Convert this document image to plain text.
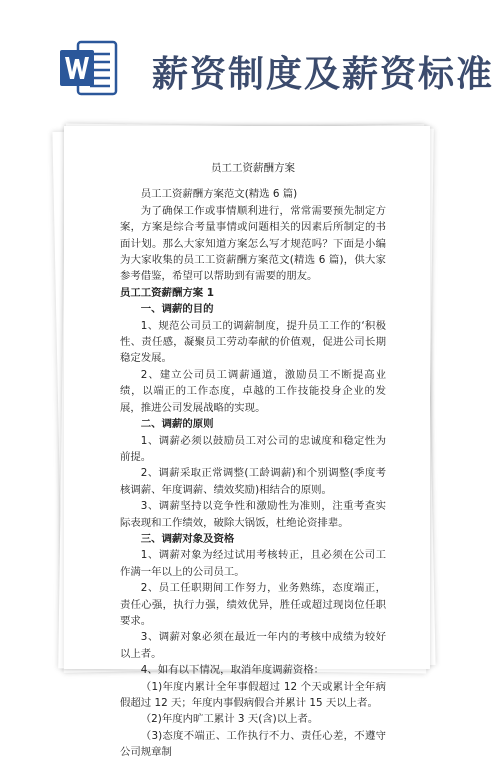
薪资制度及薪资标准

员工工资薪酬方案

员工工资薪酬方案范文(精选 6 篇)

为了确保工作或事情顺利进行，常常需要预先制定方案，方案是综合考量事情或问题相关的因素后所制定的书面计划。那么大家知道方案怎么写才规范吗？下面是小编为大家收集的员工工资薪酬方案范文(精选 6 篇)，供大家参考借鉴，希望可以帮助到有需要的朋友。

员工工资薪酬方案 1

一、调薪的目的

1、规范公司员工的调薪制度，提升员工工作的‘积极性、责任感，凝聚员工劳动奉献的价值观，促进公司长期稳定发展。

2、建立公司员工调薪通道，激励员工不断提高业绩，以端正的工作态度，卓越的工作技能投身企业的发展，推进公司发展战略的实现。

二、调薪的原则

1、调薪必须以鼓励员工对公司的忠诚度和稳定性为前提。

2、调薪采取正常调整(工龄调薪)和个别调整(季度考核调薪、年度调薪、绩效奖励)相结合的原则。

3、调薪坚持以竞争性和激励性为准则，注重考查实际表现和工作绩效，破除大锅饭，杜绝论资排辈。

三、调薪对象及资格

1、调薪对象为经过试用考核转正，且必须在公司工作满一年以上的公司员工。

2、员工任职期间工作努力，业务熟练，态度端正，责任心强，执行力强，绩效优异，胜任或超过现岗位任职要求。

3、调薪对象必须在最近一年内的考核中成绩为较好以上者。

4、如有以下情况，取消年度调薪资格：

（1)年度内累计全年事假超过 12 个天或累计全年病假超过 12 天；年度内事假病假合并累计 15 天以上者。

（2)年度内旷工累计 3 天(含)以上者。

（3)态度不端正、工作执行不力、责任心差，不遵守公司规章制
